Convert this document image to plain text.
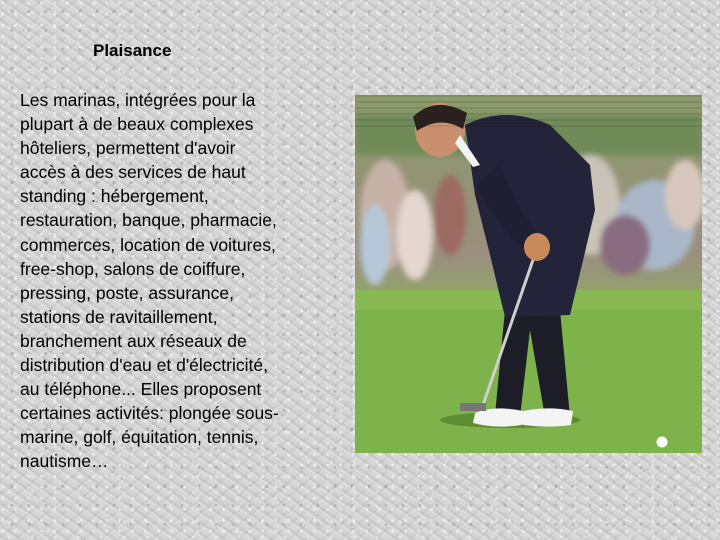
Plaisance
Les marinas, intégrées pour la
plupart à de beaux complexes
hôteliers, permettent d'avoir
accès à des services de haut
standing : hébergement,
restauration, banque, pharmacie,
commerces, location de voitures,
free-shop, salons de coiffure,
pressing, poste, assurance,
stations de ravitaillement,
branchement aux réseaux de
distribution d'eau et d'électricité,
au téléphone... Elles proposent
certaines activités: plongée sous-
marine, golf, équitation, tennis,
nautisme…
